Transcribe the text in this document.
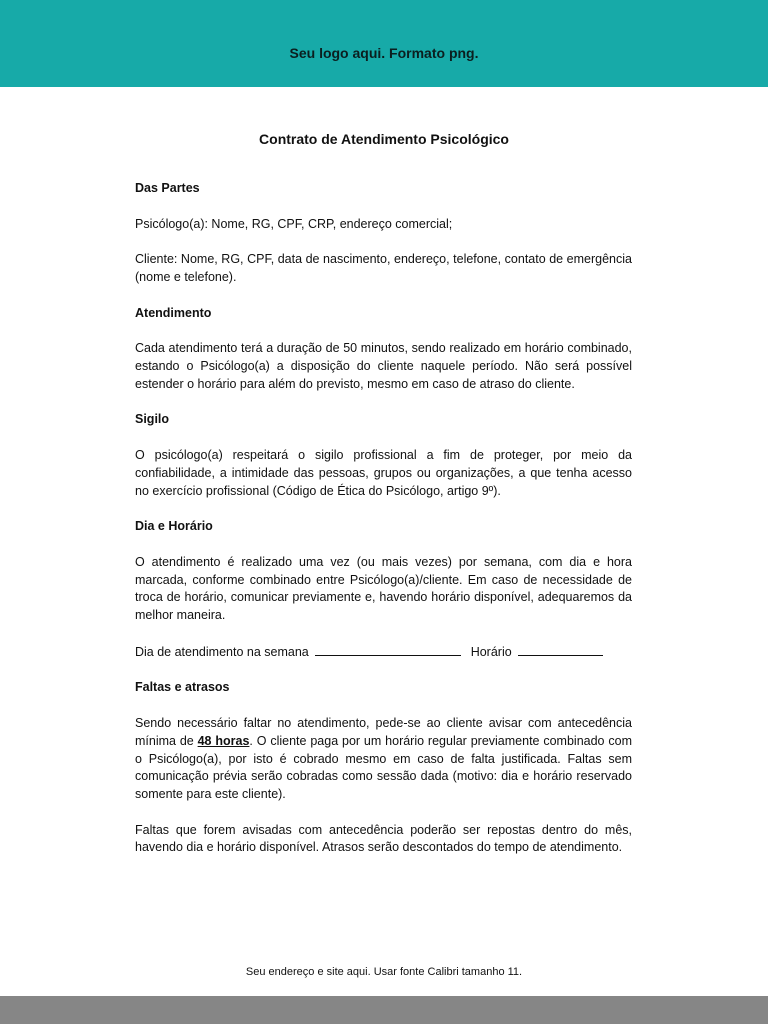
Seu logo aqui. Formato png.
Contrato de Atendimento Psicológico
Das Partes

Psicólogo(a): Nome, RG, CPF, CRP, endereço comercial;

Cliente: Nome, RG, CPF, data de nascimento, endereço, telefone, contato de emergência (nome e telefone).

Atendimento

Cada atendimento terá a duração de 50 minutos, sendo realizado em horário combinado, estando o Psicólogo(a) a disposição do cliente naquele período. Não será possível estender o horário para além do previsto, mesmo em caso de atraso do cliente.

Sigilo

O psicólogo(a) respeitará o sigilo profissional a fim de proteger, por meio da confiabilidade, a intimidade das pessoas, grupos ou organizações, a que tenha acesso no exercício profissional (Código de Ética do Psicólogo, artigo 9º).

Dia e Horário

O atendimento é realizado uma vez (ou mais vezes) por semana, com dia e hora marcada, conforme combinado entre Psicólogo(a)/cliente. Em caso de necessidade de troca de horário, comunicar previamente e, havendo horário disponível, adequaremos da melhor maneira.

Dia de atendimento na semana	Horário

Faltas e atrasos

Sendo necessário faltar no atendimento, pede-se ao cliente avisar com antecedência mínima de 48 horas. O cliente paga por um horário regular previamente combinado com o Psicólogo(a), por isto é cobrado mesmo em caso de falta justificada. Faltas sem comunicação prévia serão cobradas como sessão dada (motivo: dia e horário reservado somente para este cliente).

Faltas que forem avisadas com antecedência poderão ser repostas dentro do mês, havendo dia e horário disponível. Atrasos serão descontados do tempo de atendimento.

Seu endereço e site aqui. Usar fonte Calibri tamanho 11.
